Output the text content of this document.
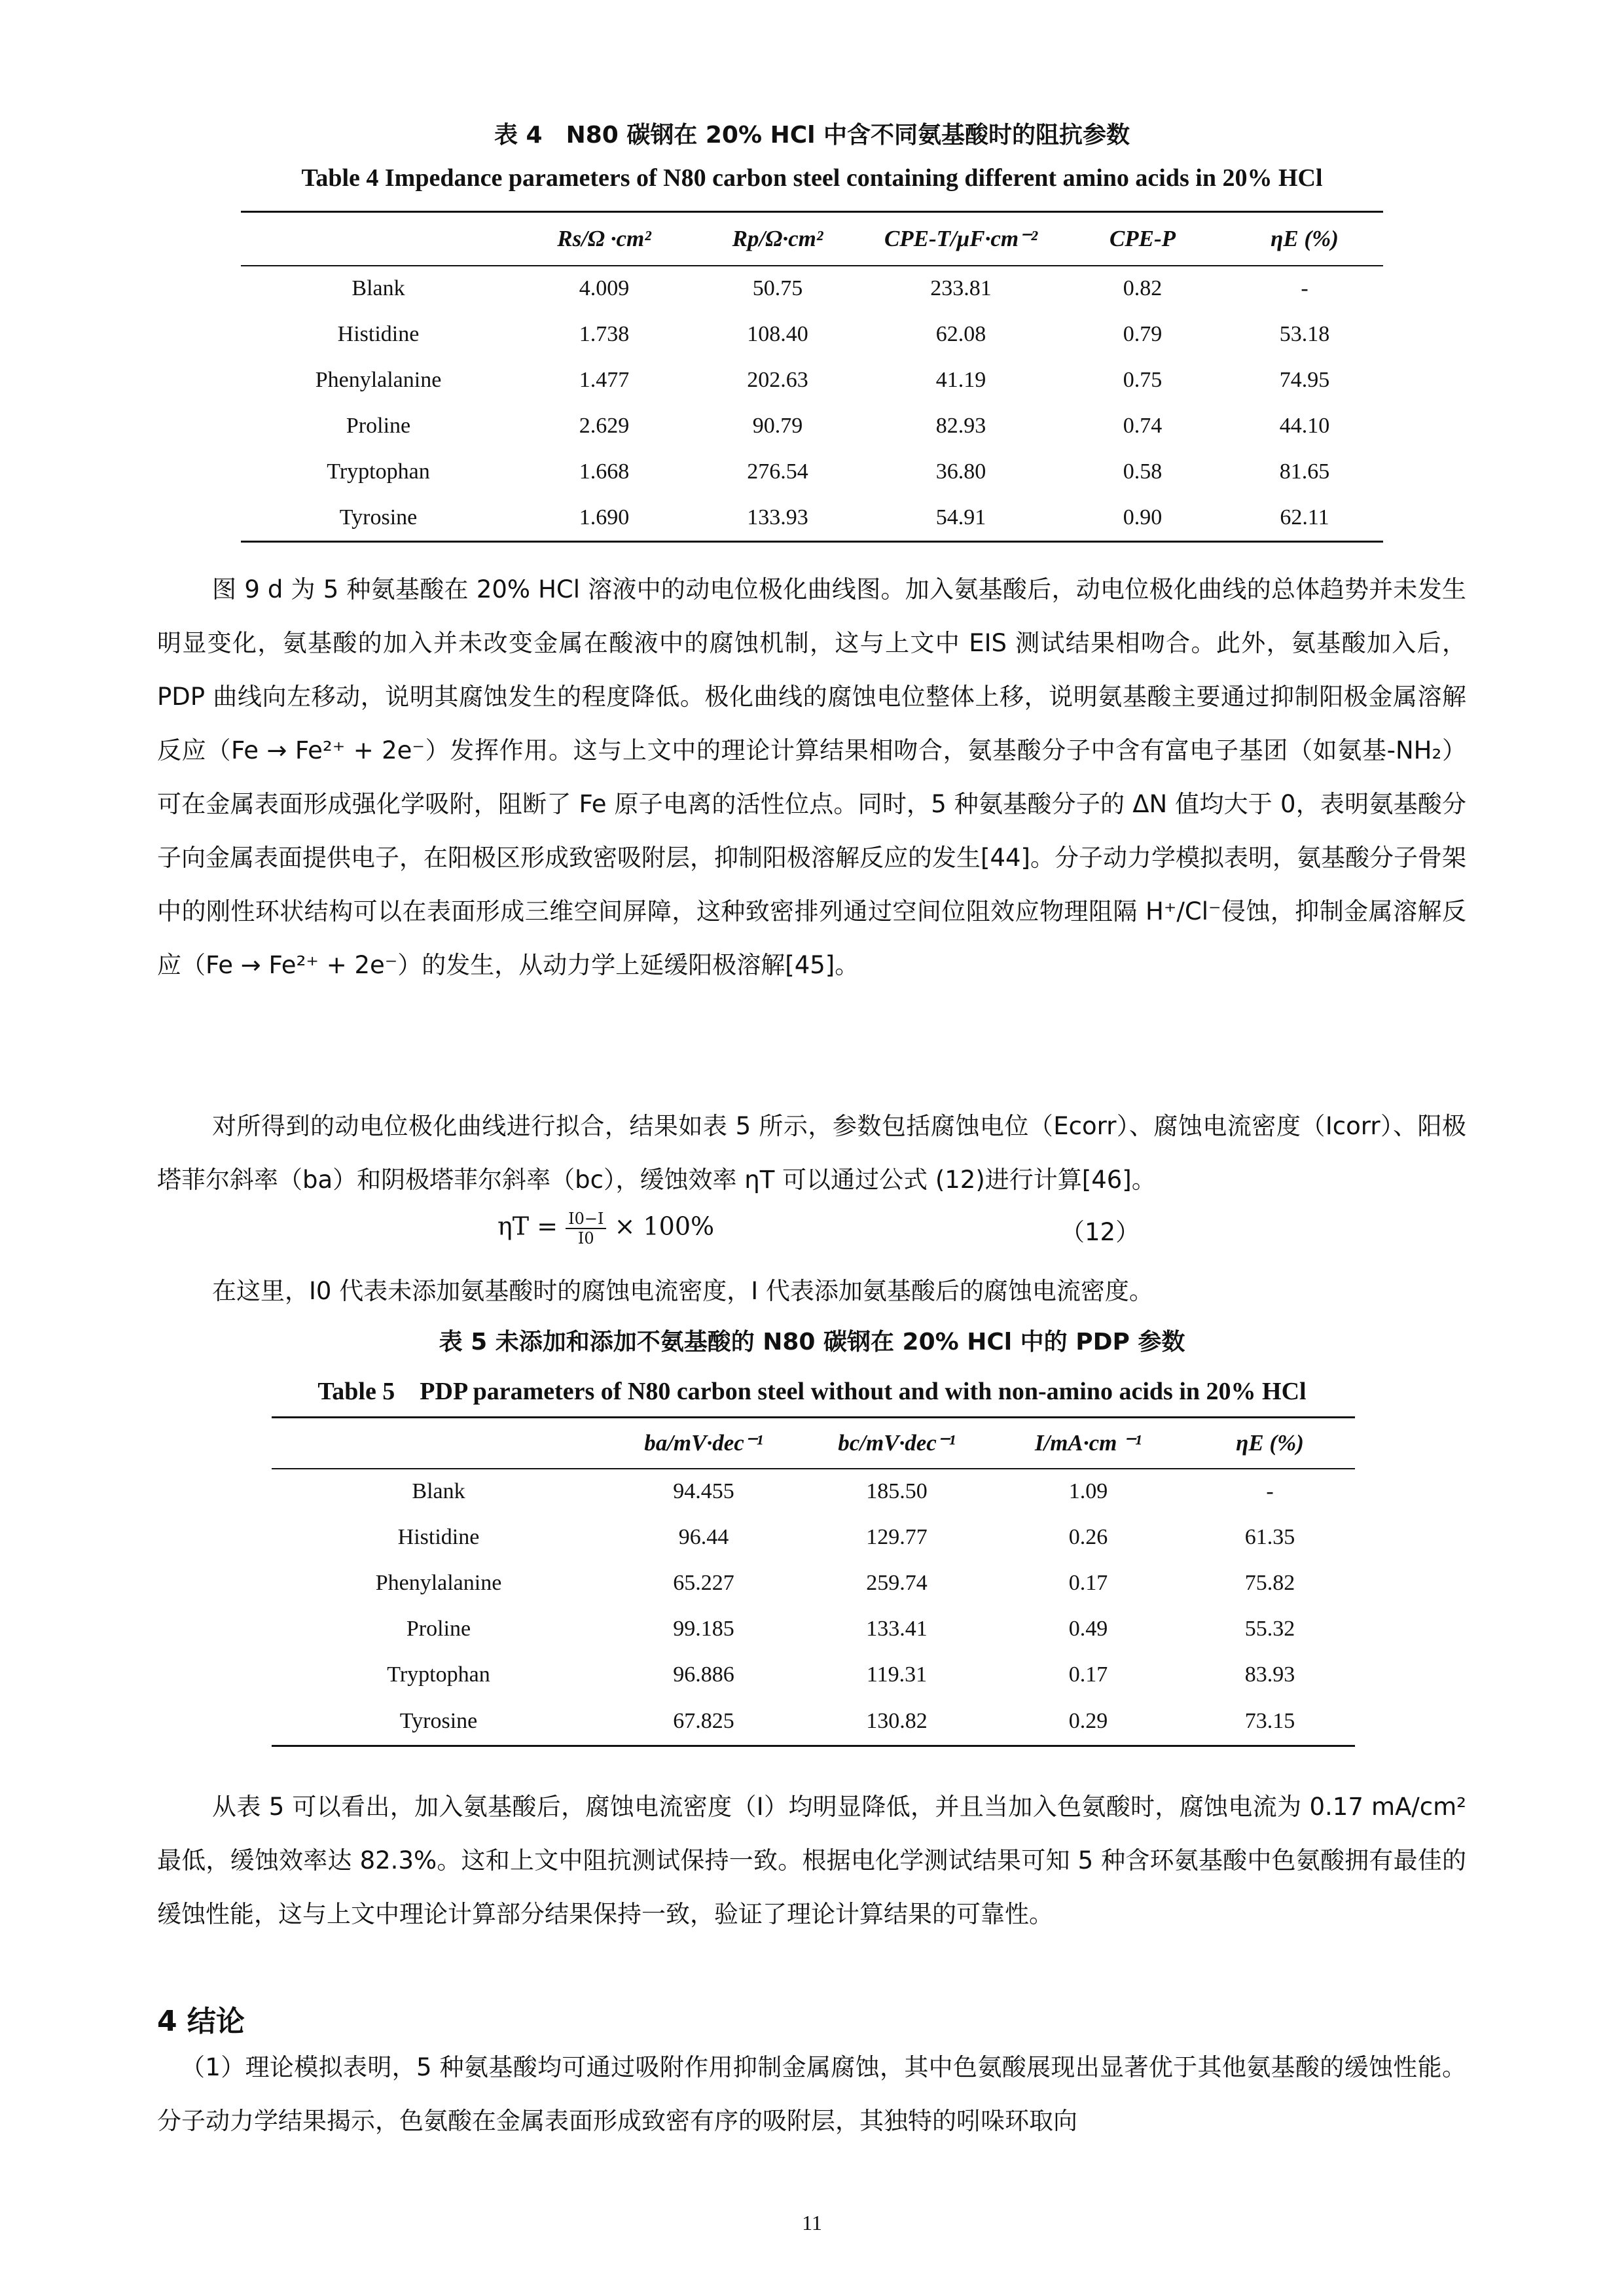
表 4　N80 碳钢在 20% HCl 中含不同氨基酸时的阻抗参数
Table 4 Impedance parameters of N80 carbon steel containing different amino acids in 20% HCl
	Rs/Ω ·cm²	Rp/Ω·cm²	CPE-T/μF·cm⁻²	CPE-P	ηE (%)
Blank	4.009	50.75	233.81	0.82	-
Histidine	1.738	108.40	62.08	0.79	53.18
Phenylalanine	1.477	202.63	41.19	0.75	74.95
Proline	2.629	90.79	82.93	0.74	44.10
Tryptophan	1.668	276.54	36.80	0.58	81.65
Tyrosine	1.690	133.93	54.91	0.90	62.11

图 9 d 为 5 种氨基酸在 20% HCl 溶液中的动电位极化曲线图。加入氨基酸后，动电位极化曲线的总体趋势并未发生明显变化，氨基酸的加入并未改变金属在酸液中的腐蚀机制，这与上文中 EIS 测试结果相吻合。此外，氨基酸加入后，PDP 曲线向左移动，说明其腐蚀发生的程度降低。极化曲线的腐蚀电位整体上移，说明氨基酸主要通过抑制阳极金属溶解反应（Fe → Fe²⁺ + 2e⁻）发挥作用。这与上文中的理论计算结果相吻合，氨基酸分子中含有富电子基团（如氨基-NH₂） 可在金属表面形成强化学吸附，阻断了 Fe 原子电离的活性位点。同时，5 种氨基酸分子的 ΔN 值均大于 0，表明氨基酸分子向金属表面提供电子，在阳极区形成致密吸附层，抑制阳极溶解反应的发生[44]。分子动力学模拟表明，氨基酸分子骨架中的刚性环状结构可以在表面形成三维空间屏障，这种致密排列通过空间位阻效应物理阻隔 H⁺/Cl⁻侵蚀，抑制金属溶解反应（Fe → Fe²⁺ + 2e⁻）的发生，从动力学上延缓阳极溶解[45]。

对所得到的动电位极化曲线进行拟合，结果如表 5 所示，参数包括腐蚀电位（Ecorr）、腐蚀电流密度（Icorr）、阳极塔菲尔斜率（ba）和阴极塔菲尔斜率（bc），缓蚀效率 ηT 可以通过公式 (12)进行计算[46]。

$\eta T = \frac{I0-I}{I0} \times 100\%$	（12）

在这里，I0 代表未添加氨基酸时的腐蚀电流密度，I 代表添加氨基酸后的腐蚀电流密度。

表 5 未添加和添加不氨基酸的 N80 碳钢在 20% HCl 中的 PDP 参数
Table 5　PDP parameters of N80 carbon steel without and with non-amino acids in 20% HCl
	ba/mV·dec⁻¹	bc/mV·dec⁻¹	I/mA·cm ⁻¹	ηE (%)
Blank	94.455	185.50	1.09	-
Histidine	96.44	129.77	0.26	61.35
Phenylalanine	65.227	259.74	0.17	75.82
Proline	99.185	133.41	0.49	55.32
Tryptophan	96.886	119.31	0.17	83.93
Tyrosine	67.825	130.82	0.29	73.15

从表 5 可以看出，加入氨基酸后，腐蚀电流密度（I）均明显降低，并且当加入色氨酸时，腐蚀电流为 0.17 mA/cm² 最低，缓蚀效率达 82.3%。这和上文中阻抗测试保持一致。根据电化学测试结果可知 5 种含环氨基酸中色氨酸拥有最佳的缓蚀性能，这与上文中理论计算部分结果保持一致，验证了理论计算结果的可靠性。

4 结论

（1）理论模拟表明，5 种氨基酸均可通过吸附作用抑制金属腐蚀，其中色氨酸展现出显著优于其他氨基酸的缓蚀性能。分子动力学结果揭示，色氨酸在金属表面形成致密有序的吸附层，其独特的吲哚环取向

11
